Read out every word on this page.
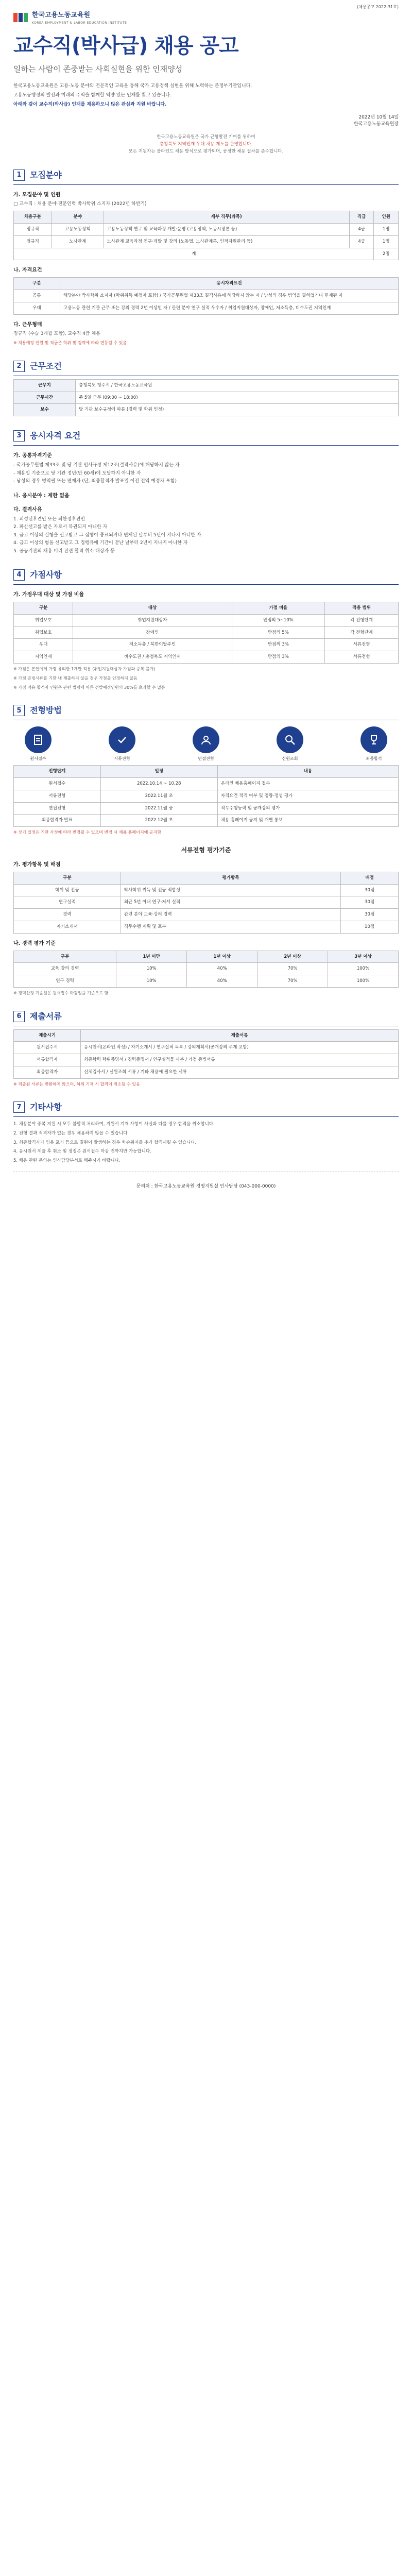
(채용공고 2022-31호)
한국고용노동교육원
KOREA EMPLOYMENT & LABOR EDUCATION INSTITUTE
교수직(박사급) 채용 공고
일하는 사람이 존중받는 사회실현을 위한 인재양성

한국고용노동교육원은 고용·노동 분야의 전문적인 교육을 통해 국가 고용정책 실현을 위해 노력하는 준정부기관입니다.

고용노동행정의 발전과 미래의 주역을 함께할 역량 있는 인재를 찾고 있습니다.

아래와 같이 교수직(박사급) 인재를 채용하오니 많은 관심과 지원 바랍니다.

2022년 10월 14일
한국고용노동교육원장
한국고용노동교육원은 국가 균형발전 기여를 위하여
충청북도 지역인재 우대 채용 제도를 운영합니다.
모든 지원자는 블라인드 채용 방식으로 평가되며, 공정한 채용 절차를 준수합니다.
1	모집분야
가. 모집분야 및 인원
□ 교수직 : 채용 분야 전문인력 박사학위 소지자 (2022년 하반기)
채용구분	분야	세부 직무(과목)	직급	인원
정규직	고용노동정책	고용노동정책 연구 및 교육과정 개발·운영 (고용정책, 노동시장론 등)	4급	1명
정규직	노사관계	노사관계 교육과정 연구·개발 및 강의 (노동법, 노사관계론, 인적자원관리 등)	4급	1명
계				2명
나. 자격요건
구분	응시자격요건
공통	해당분야 박사학위 소지자 (학위취득 예정자 포함) / 국가공무원법 제33조 결격사유에 해당하지 않는 자 / 남성의 경우 병역을 필하였거나 면제된 자
우대	고용노동 관련 기관 근무 또는 강의 경력 2년 이상인 자 / 관련 분야 연구 실적 우수자 / 취업지원대상자, 장애인, 저소득층, 비수도권 지역인재
다. 근무형태
정규직 (수습 3개월 포함), 교수직 4급 채용
※ 채용예정 인원 및 직급은 학위 및 경력에 따라 변동될 수 있음
2	근무조건
근무지	충청북도 청주시 / 한국고용노동교육원
근무시간	주 5일 근무 (09:00 ~ 18:00)
보수	당 기관 보수규정에 따름 (경력 및 학위 인정)
3	응시자격 요건
가. 공통자격기준
- 국가공무원법 제33조 및 당 기관 인사규정 제12조(결격사유)에 해당하지 않는 자
- 채용일 기준으로 당 기관 정년(만 60세)에 도달하지 아니한 자
- 남성의 경우 병역필 또는 면제자 (단, 최종합격자 발표일 이전 전역 예정자 포함)
나. 응시분야 : 제한 없음
다. 결격사유
1. 피성년후견인 또는 피한정후견인
2. 파산선고를 받은 자로서 복권되지 아니한 자
3. 금고 이상의 실형을 선고받고 그 집행이 종료되거나 면제된 날부터 5년이 지나지 아니한 자
4. 금고 이상의 형을 선고받고 그 집행유예 기간이 끝난 날부터 2년이 지나지 아니한 자
5. 공공기관의 채용 비리 관련 합격 취소 대상자 등
4	가점사항
가. 가점우대 대상 및 가점 비율
구분	대상	가점 비율	적용 범위
취업보호	취업지원대상자	만점의 5~10%	각 전형단계
취업보호	장애인	만점의 5%	각 전형단계
우대	저소득층 / 북한이탈주민	만점의 3%	서류전형
지역인재	비수도권 / 충청북도 지역인재	만점의 3%	서류전형
※ 가점은 본인에게 가장 유리한 1개만 적용 (취업지원대상자 가점과 중복 불가)
※ 가점 증빙서류를 기한 내 제출하지 않을 경우 가점을 인정하지 않음
※ 가점 적용 합격자 인원은 관련 법령에 따른 선발예정인원의 30%를 초과할 수 없음
5	전형방법
원서접수	서류전형	면접전형	신원조회	최종합격
전형단계	일정	내용
원서접수	2022.10.14 ~ 10.28	온라인 채용홈페이지 접수
서류전형	2022.11월 초	자격요건 적격 여부 및 정량·정성 평가
면접전형	2022.11월 중	직무수행능력 및 공개강의 평가
최종합격자 발표	2022.12월 초	채용 홈페이지 공지 및 개별 통보
※ 상기 일정은 기관 사정에 따라 변경될 수 있으며 변경 시 채용 홈페이지에 공지함
서류전형 평가기준
가. 평가항목 및 배점
구분	평가항목	배점
학위 및 전공	박사학위 취득 및 전공 적합성	30점
연구실적	최근 5년 이내 연구·저서 실적	30점
경력	관련 분야 교육·강의 경력	30점
자기소개서	직무수행 계획 및 포부	10점
나. 경력 평가 기준
구분	1년 미만	1년 이상	2년 이상	3년 이상
교육·강의 경력	10%	40%	70%	100%
연구 경력	10%	40%	70%	100%
※ 경력산정 기준일은 원서접수 마감일을 기준으로 함
6	제출서류
제출시기	제출서류
원서접수시	응시원서(온라인 작성) / 자기소개서 / 연구실적 목록 / 강의계획서(공개강의 주제 포함)
서류합격자	최종학력 학위증명서 / 경력증명서 / 연구실적물 사본 / 가점 증빙서류
최종합격자	신체검사서 / 신원조회 서류 / 기타 채용에 필요한 서류
※ 제출된 서류는 반환하지 않으며, 허위 기재 시 합격이 취소될 수 있음
7	기타사항
1. 채용분야 중복 지원 시 모두 불합격 처리하며, 지원서 기재 사항이 사실과 다를 경우 합격을 취소합니다.
2. 전형 결과 적격자가 없는 경우 채용하지 않을 수 있습니다.
3. 최종합격자가 임용 포기 등으로 결원이 발생하는 경우 차순위자를 추가 합격시킬 수 있습니다.
4. 응시원서 제출 후 취소 및 정정은 원서접수 마감 전까지만 가능합니다.
5. 채용 관련 문의는 인사담당부서로 해주시기 바랍니다.
문의처 : 한국고용노동교육원 경영지원실 인사담당 (043-000-0000)
